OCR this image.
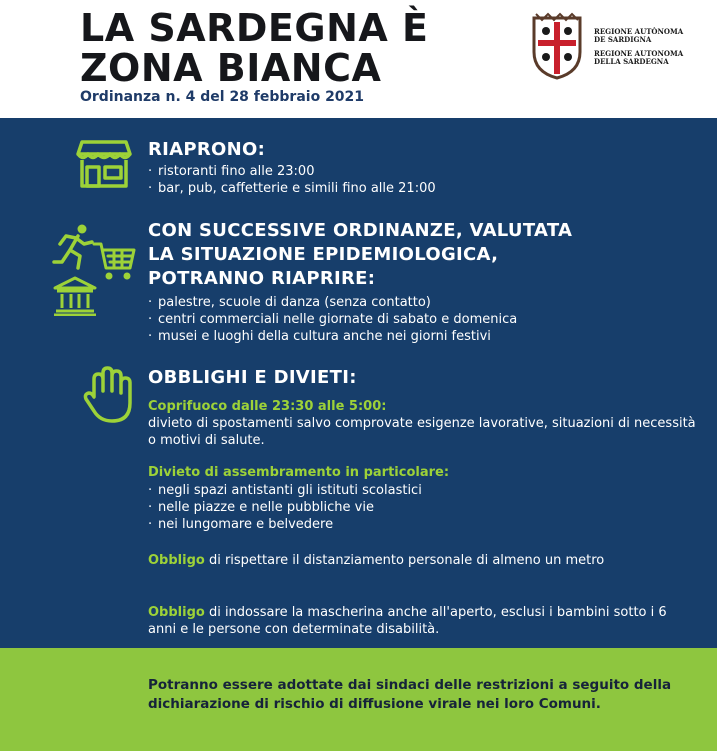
LA SARDEGNA È
ZONA BIANCA
Ordinanza n. 4 del 28 febbraio 2021
REGIONE AUTÒNOMA
DE SARDIGNA
REGIONE AUTONOMA
DELLA SARDEGNA
RIAPRONO:
· ristoranti fino alle 23:00
· bar, pub, caffetterie e simili fino alle 21:00
CON SUCCESSIVE ORDINANZE, VALUTATA
LA SITUAZIONE EPIDEMIOLOGICA,
POTRANNO RIAPRIRE:
· palestre, scuole di danza (senza contatto)
· centri commerciali nelle giornate di sabato e domenica
· musei e luoghi della cultura anche nei giorni festivi
OBBLIGHI E DIVIETI:
Coprifuoco dalle 23:30 alle 5:00:
divieto di spostamenti salvo comprovate esigenze lavorative, situazioni di necessità o motivi di salute.
Divieto di assembramento in particolare:
· negli spazi antistanti gli istituti scolastici
· nelle piazze e nelle pubbliche vie
· nei lungomare e belvedere
Obbligo di rispettare il distanziamento personale di almeno un metro
Obbligo di indossare la mascherina anche all'aperto, esclusi i bambini sotto i 6 anni e le persone con determinate disabilità.
Potranno essere adottate dai sindaci delle restrizioni a seguito della dichiarazione di rischio di diffusione virale nei loro Comuni.
